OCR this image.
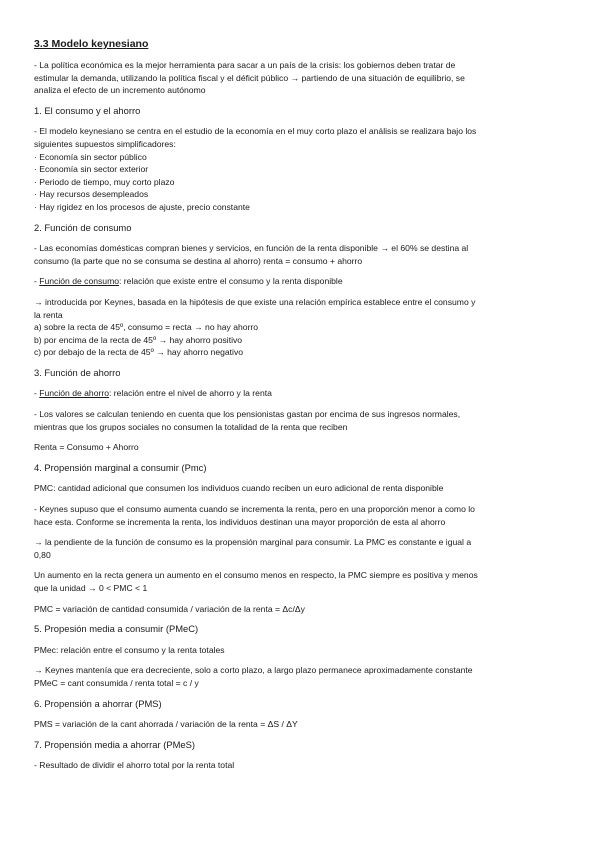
3.3 Modelo keynesiano

- La política económica es la mejor herramienta para sacar a un país de la crisis: los gobiernos deben tratar de

estimular la demanda, utilizando la política fiscal y el déficit público → partiendo de una situación de equilibrio, se

analiza el efecto de un incremento autónomo

1. El consumo y el ahorro

- El modelo keynesiano se centra en el estudio de la economía en el muy corto plazo el análisis se realizara bajo los

siguientes supuestos simplificadores:

· Economía sin sector público

· Economía sin sector exterior

· Periodo de tiempo, muy corto plazo

· Hay recursos desempleados

· Hay rigidez en los procesos de ajuste, precio constante

2. Función de consumo

- Las economías domésticas compran bienes y servicios, en función de la renta disponible → el 60% se destina al

consumo (la parte que no se consuma se destina al ahorro) renta = consumo + ahorro

- Función de consumo: relación que existe entre el consumo y la renta disponible

→ introducida por Keynes, basada en la hipótesis de que existe una relación empírica establece entre el consumo y

la renta

a) sobre la recta de 45º, consumo = recta → no hay ahorro

b) por encima de la recta de 45º → hay ahorro positivo

c) por debajo de la recta de 45º → hay ahorro negativo

3. Función de ahorro

- Función de ahorro: relación entre el nivel de ahorro y la renta

- Los valores se calculan teniendo en cuenta que los pensionistas gastan por encima de sus ingresos normales,

mientras que los grupos sociales no consumen la totalidad de la renta que reciben

Renta = Consumo + Ahorro

4. Propensión marginal a consumir (Pmc)

PMC: cantidad adicional que consumen los individuos cuando reciben un euro adicional de renta disponible

- Keynes supuso que el consumo aumenta cuando se incrementa la renta, pero en una proporción menor a como lo

hace esta. Conforme se incrementa la renta, los individuos destinan una mayor proporción de esta al ahorro

→ la pendiente de la función de consumo es la propensión marginal para consumir. La PMC es constante e igual a

0,80

Un aumento en la recta genera un aumento en el consumo menos en respecto, la PMC siempre es positiva y menos

que la unidad → 0 < PMC < 1

PMC = variación de cantidad consumida / variación de la renta = Δc/Δy

5. Propesión media a consumir (PMeC)

PMec: relación entre el consumo y la renta totales

→ Keynes mantenía que era decreciente, solo a corto plazo, a largo plazo permanece aproximadamente constante

PMeC = cant consumida / renta total = c / y

6. Propensión a ahorrar (PMS)

PMS = variación de la cant ahorrada / variación de la renta = ΔS / ΔY

7. Propensión media a ahorrar (PMeS)

- Resultado de dividir el ahorro total por la renta total
